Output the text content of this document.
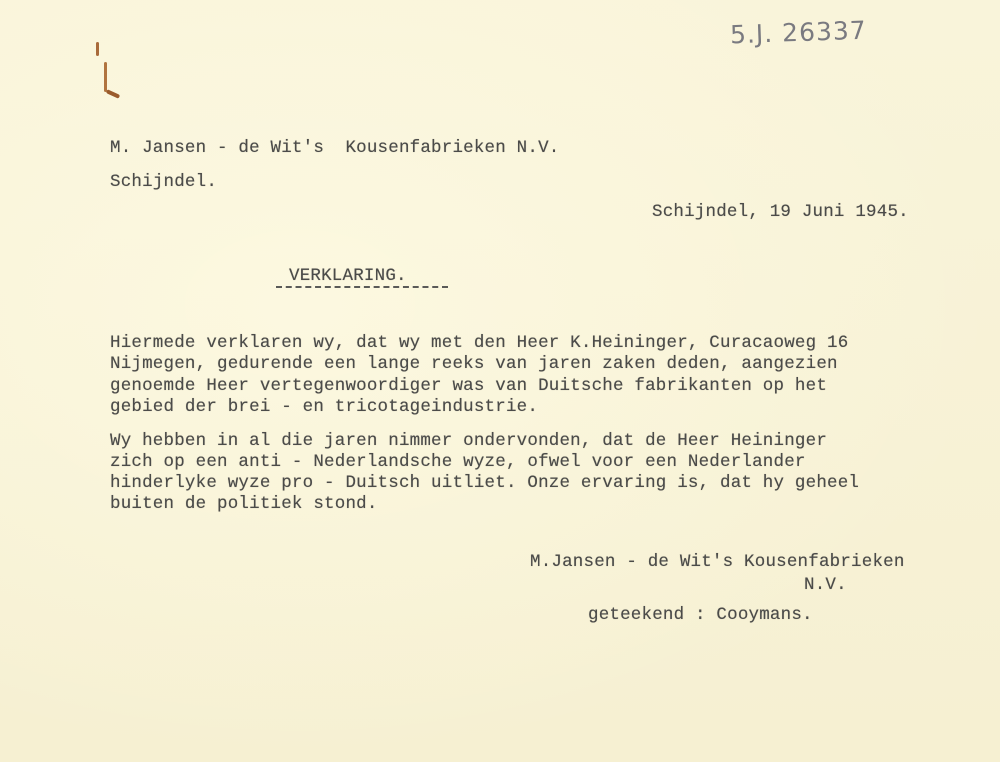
5.J. 26337
M. Jansen - de Wit's  Kousenfabrieken N.V.
Schijndel.
Schijndel, 19 Juni 1945.
VERKLARING.
Hiermede verklaren wy, dat wy met den Heer K.Heininger, Curacaoweg 16
Nijmegen, gedurende een lange reeks van jaren zaken deden, aangezien
genoemde Heer vertegenwoordiger was van Duitsche fabrikanten op het
gebied der brei - en tricotageindustrie.
Wy hebben in al die jaren nimmer ondervonden, dat de Heer Heininger
zich op een anti - Nederlandsche wyze, ofwel voor een Nederlander
hinderlyke wyze pro - Duitsch uitliet. Onze ervaring is, dat hy geheel
buiten de politiek stond.
M.Jansen - de Wit's Kousenfabrieken
N.V.
geteekend : Cooymans.
